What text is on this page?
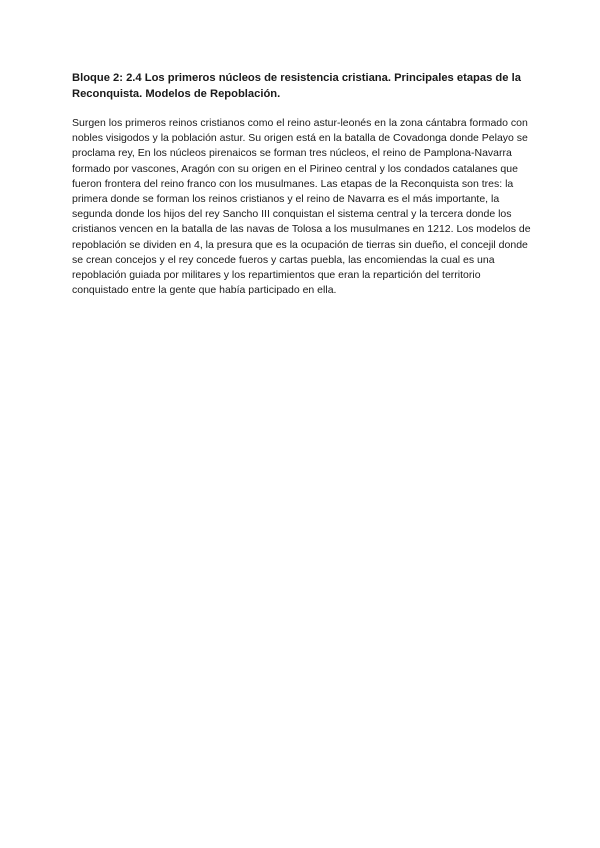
Bloque 2: 2.4 Los primeros núcleos de resistencia cristiana. Principales etapas de la Reconquista. Modelos de Repoblación.

Surgen los primeros reinos cristianos como el reino astur-leonés en la zona cántabra formado con nobles visigodos y la población astur. Su origen está en la batalla de Covadonga donde Pelayo se proclama rey, En los núcleos pirenaicos se forman tres núcleos, el reino de Pamplona-Navarra formado por vascones, Aragón con su origen en el Pirineo central y los condados catalanes que fueron frontera del reino franco con los musulmanes. Las etapas de la Reconquista son tres: la primera donde se forman los reinos cristianos y el reino de Navarra es el más importante, la segunda donde los hijos del rey Sancho III conquistan el sistema central y la tercera donde los cristianos vencen en la batalla de las navas de Tolosa a los musulmanes en 1212. Los modelos de repoblación se dividen en 4, la presura que es la ocupación de tierras sin dueño, el concejil donde se crean concejos y el rey concede fueros y cartas puebla, las encomiendas la cual es una repoblación guiada por militares y los repartimientos que eran la repartición del territorio conquistado entre la gente que había participado en ella.
